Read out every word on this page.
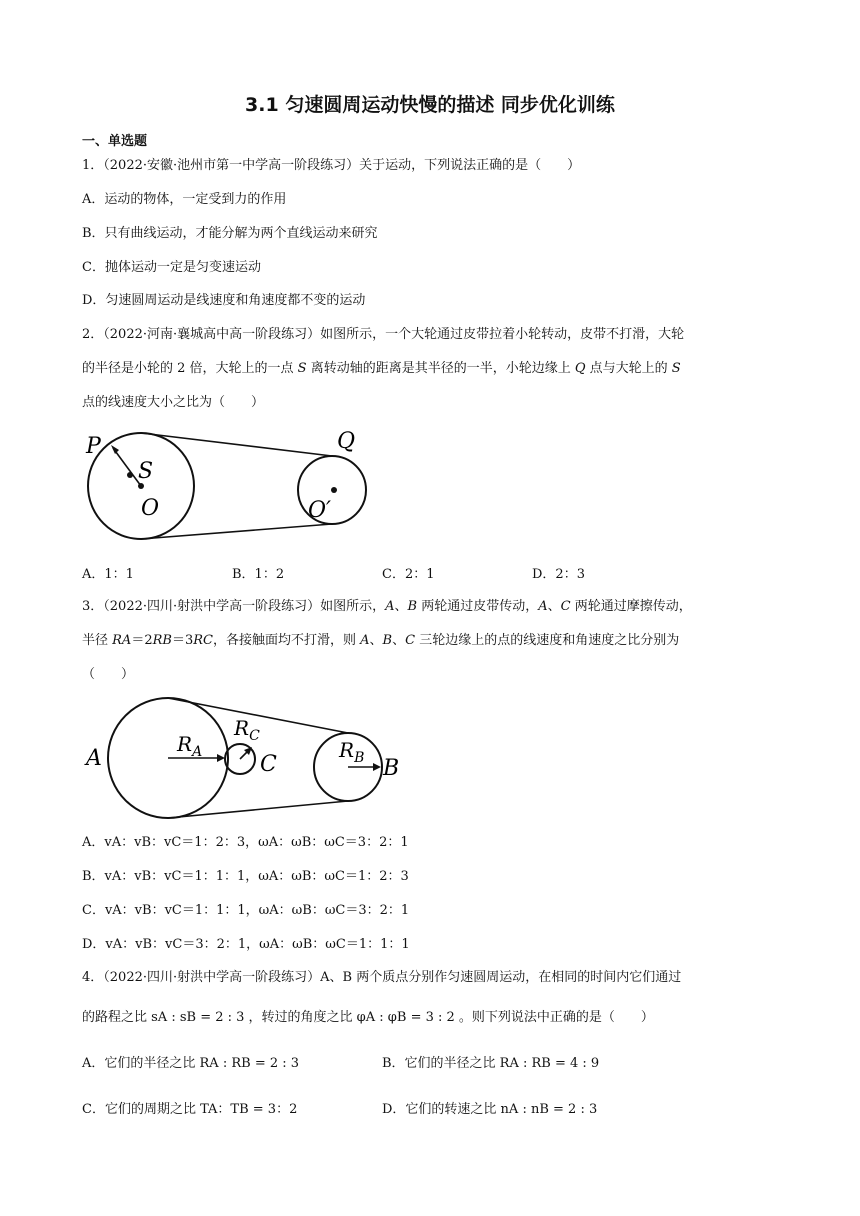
3.1 匀速圆周运动快慢的描述 同步优化训练
一、单选题
1．（2022·安徽·池州市第一中学高一阶段练习）关于运动，下列说法正确的是（　　）
A．运动的物体，一定受到力的作用
B．只有曲线运动，才能分解为两个直线运动来研究
C．抛体运动一定是匀变速运动
D．匀速圆周运动是线速度和角速度都不变的运动
2．（2022·河南·襄城高中高一阶段练习）如图所示，一个大轮通过皮带拉着小轮转动，皮带不打滑，大轮
的半径是小轮的 2 倍，大轮上的一点 S 离转动轴的距离是其半径的一半，小轮边缘上 Q 点与大轮上的 S
点的线速度大小之比为（　　）
P
S
O
Q
O′
A．1：1	B．1：2	C．2：1	D．2：3
3．（2022·四川·射洪中学高一阶段练习）如图所示，A、B 两轮通过皮带传动，A、C 两轮通过摩擦传动，
半径 RA＝2RB＝3RC，各接触面均不打滑，则 A、B、C 三轮边缘上的点的线速度和角速度之比分别为
（　　）
A	C	B
$R_A$
$R_C$
$R_B$
A．vA：vB：vC＝1：2：3，ωA：ωB：ωC＝3：2：1
B．vA：vB：vC＝1：1：1，ωA：ωB：ωC＝1：2：3
C．vA：vB：vC＝1：1：1，ωA：ωB：ωC＝3：2：1
D．vA：vB：vC＝3：2：1，ωA：ωB：ωC＝1：1：1
4．（2022·四川·射洪中学高一阶段练习）A、B 两个质点分别作匀速圆周运动，在相同的时间内它们通过
的路程之比 sA : sB = 2 : 3 ，转过的角度之比 φA : φB = 3 : 2 。则下列说法中正确的是（　　）
A．它们的半径之比 RA : RB = 2 : 3	B．它们的半径之比 RA : RB = 4 : 9
C．它们的周期之比 TA：TB = 3：2	D．它们的转速之比 nA : nB = 2 : 3
